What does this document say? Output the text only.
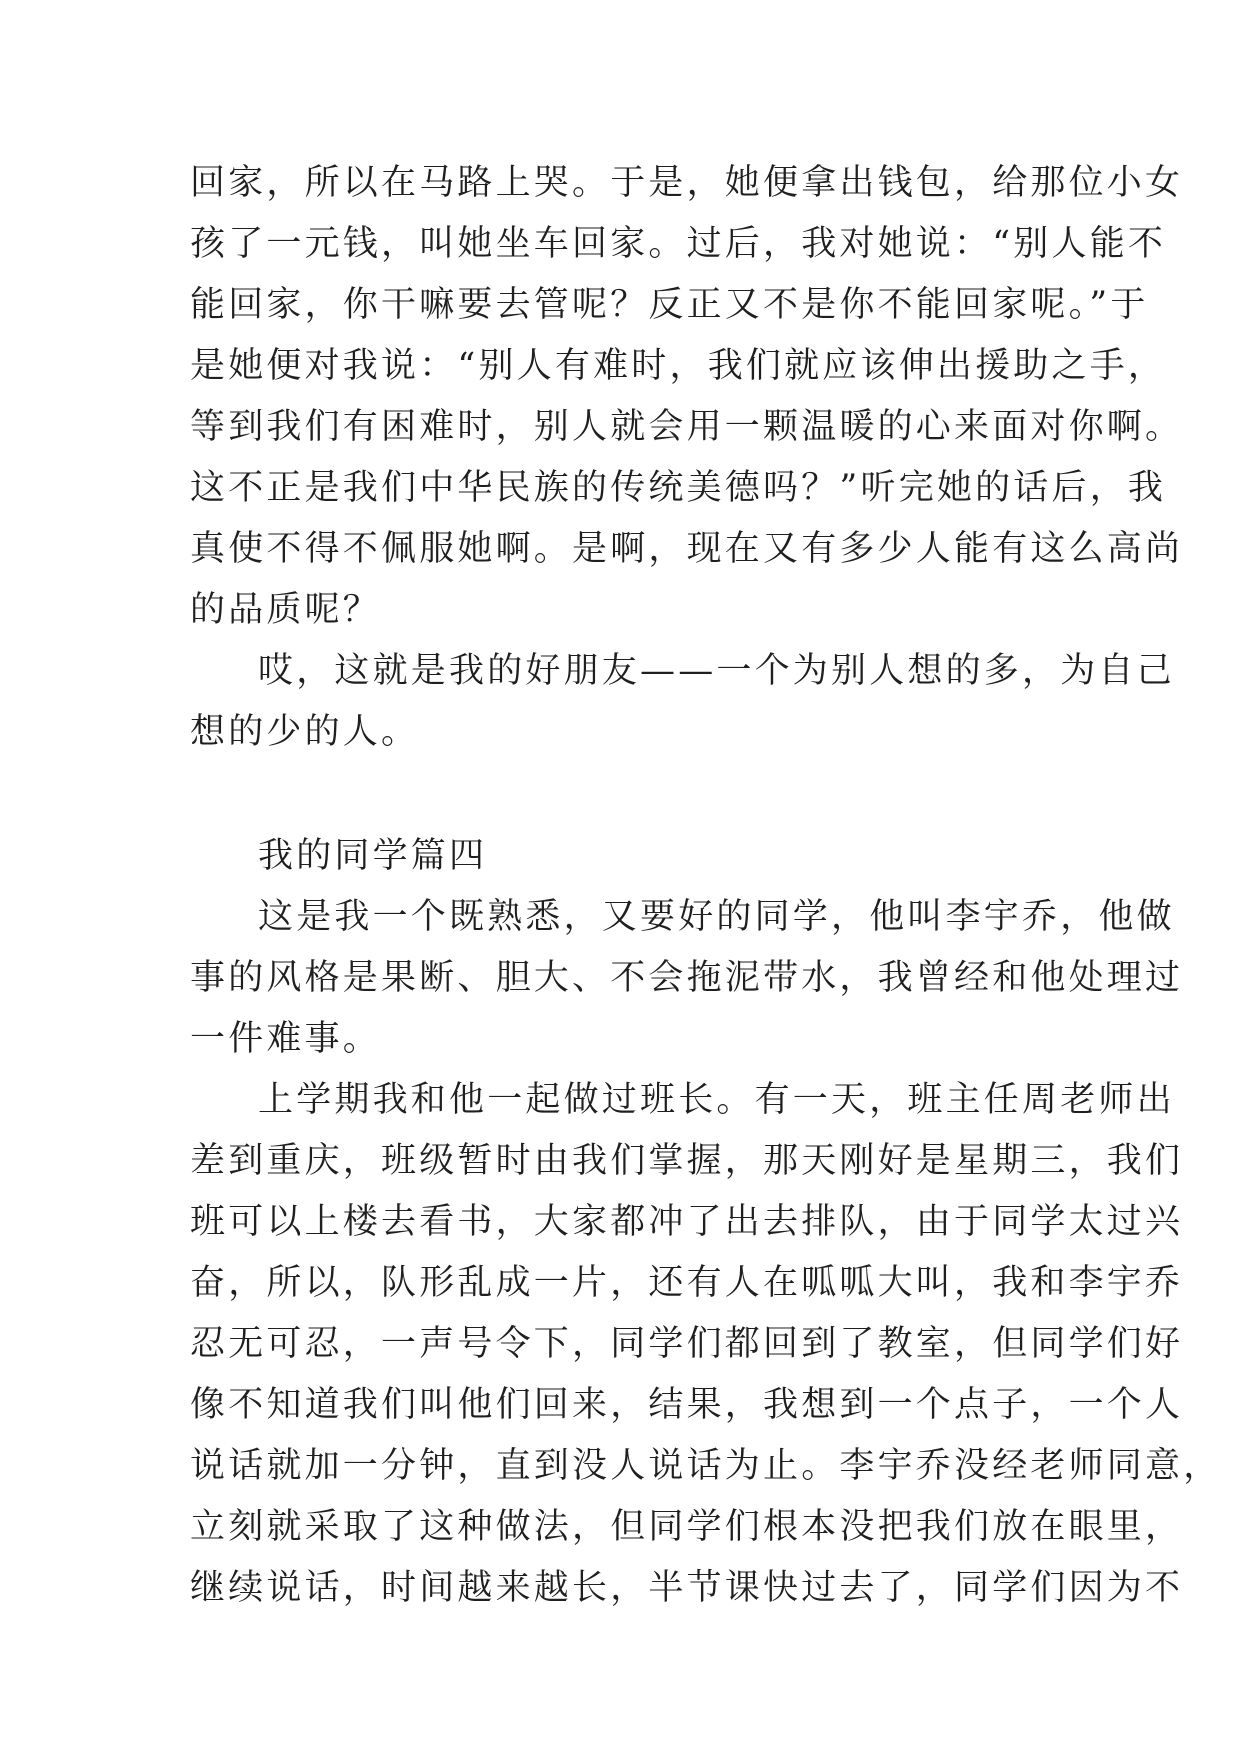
回家，所以在马路上哭。于是，她便拿出钱包，给那位小女
孩了一元钱，叫她坐车回家。过后，我对她说：“别人能不
能回家，你干嘛要去管呢？反正又不是你不能回家呢。”于
是她便对我说：“别人有难时，我们就应该伸出援助之手，
等到我们有困难时，别人就会用一颗温暖的心来面对你啊。
这不正是我们中华民族的传统美德吗？”听完她的话后，我
真使不得不佩服她啊。是啊，现在又有多少人能有这么高尚
的品质呢？
哎，这就是我的好朋友——一个为别人想的多，为自己
想的少的人。
我的同学篇四
这是我一个既熟悉，又要好的同学，他叫李宇乔，他做
事的风格是果断、胆大、不会拖泥带水，我曾经和他处理过
一件难事。
上学期我和他一起做过班长。有一天，班主任周老师出
差到重庆，班级暂时由我们掌握，那天刚好是星期三，我们
班可以上楼去看书，大家都冲了出去排队，由于同学太过兴
奋，所以，队形乱成一片，还有人在呱呱大叫，我和李宇乔
忍无可忍，一声号令下，同学们都回到了教室，但同学们好
像不知道我们叫他们回来，结果，我想到一个点子，一个人
说话就加一分钟，直到没人说话为止。李宇乔没经老师同意，
立刻就采取了这种做法，但同学们根本没把我们放在眼里，
继续说话，时间越来越长，半节课快过去了，同学们因为不
